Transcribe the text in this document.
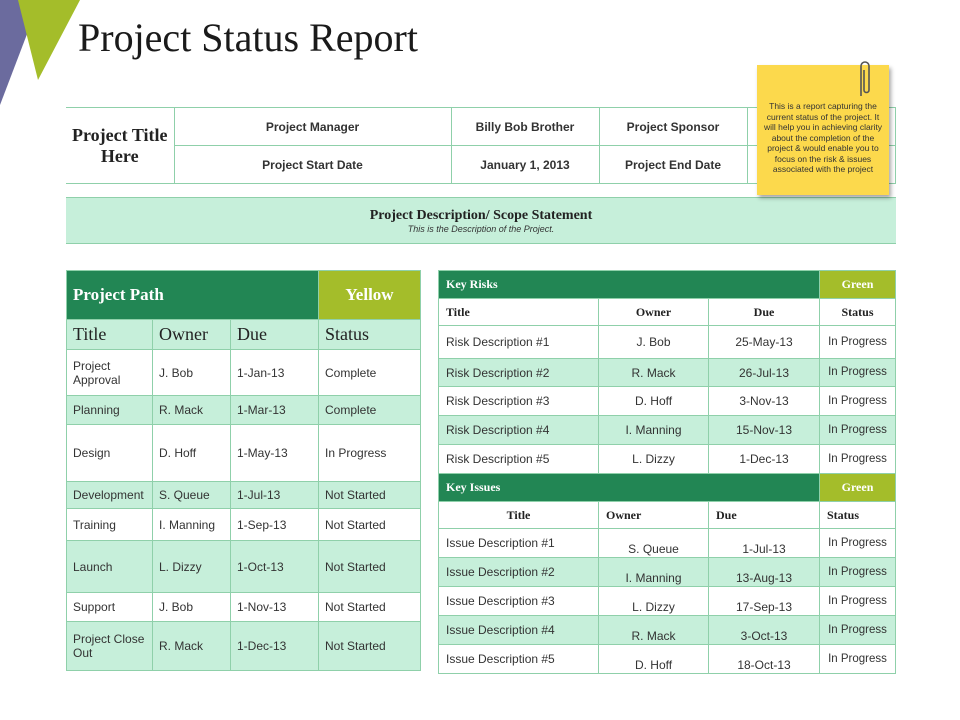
Project Status Report
Project Title Here	Project Manager	Billy Bob Brother	Project Sponsor	
	Project Start Date	January 1, 2013	Project End Date	
Project Description/ Scope Statement
This is the Description of the Project.
This is a report capturing the current status of the project. It will help you in achieving clarity about the completion of the project & would enable you to focus on the risk & issues associated with the project
Project Path			Yellow
Title	Owner	Due	Status
Project Approval	J. Bob	1-Jan-13	Complete
Planning	R. Mack	1-Mar-13	Complete
Design	D. Hoff	1-May-13	In Progress
Development	S. Queue	1-Jul-13	Not Started
Training	I. Manning	1-Sep-13	Not Started
Launch	L. Dizzy	1-Oct-13	Not Started
Support	J. Bob	1-Nov-13	Not Started
Project Close Out	R. Mack	1-Dec-13	Not Started
Key Risks			Green
Title	Owner	Due	Status
Risk Description #1	J. Bob	25-May-13	In Progress
Risk Description #2	R. Mack	26-Jul-13	In Progress
Risk Description #3	D. Hoff	3-Nov-13	In Progress
Risk Description #4	I. Manning	15-Nov-13	In Progress
Risk Description #5	L. Dizzy	1-Dec-13	In Progress
Key Issues			Green
Title	Owner	Due	Status
Issue Description #1	S. Queue	1-Jul-13	In Progress
Issue Description #2	I. Manning	13-Aug-13	In Progress
Issue Description #3	L. Dizzy	17-Sep-13	In Progress
Issue Description #4	R. Mack	3-Oct-13	In Progress
Issue Description #5	D. Hoff	18-Oct-13	In Progress
